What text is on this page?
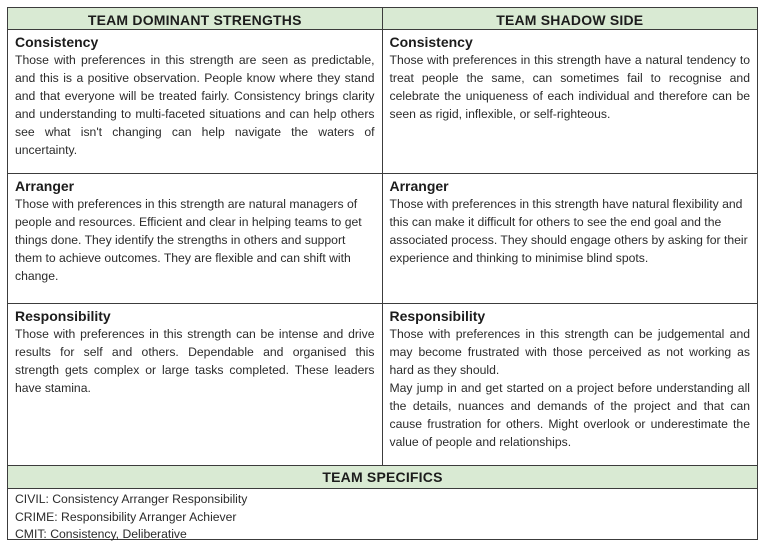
TEAM DOMINANT STRENGTHS	TEAM SHADOW SIDE
Consistency
Those with preferences in this strength are seen as predictable, and this is a positive observation. People know where they stand and that everyone will be treated fairly. Consistency brings clarity and understanding to multi-faceted situations and can help others see what isn't changing can help navigate the waters of uncertainty.
Consistency
Those with preferences in this strength have a natural tendency to treat people the same, can sometimes fail to recognise and celebrate the uniqueness of each individual and therefore can be seen as rigid, inflexible, or self-righteous.
Arranger
Those with preferences in this strength are natural managers of people and resources. Efficient and clear in helping teams to get things done. They identify the strengths in others and support them to achieve outcomes. They are flexible and can shift with change.
Arranger
Those with preferences in this strength have natural flexibility and this can make it difficult for others to see the end goal and the associated process. They should engage others by asking for their experience and thinking to minimise blind spots.
Responsibility
Those with preferences in this strength can be intense and drive results for self and others. Dependable and organised this strength gets complex or large tasks completed. These leaders have stamina.
Responsibility
Those with preferences in this strength can be judgemental and may become frustrated with those perceived as not working as hard as they should.
May jump in and get started on a project before understanding all the details, nuances and demands of the project and that can cause frustration for others. Might overlook or underestimate the value of people and relationships.
TEAM SPECIFICS
CIVIL: Consistency Arranger Responsibility
CRIME: Responsibility Arranger Achiever
CMIT: Consistency, Deliberative
